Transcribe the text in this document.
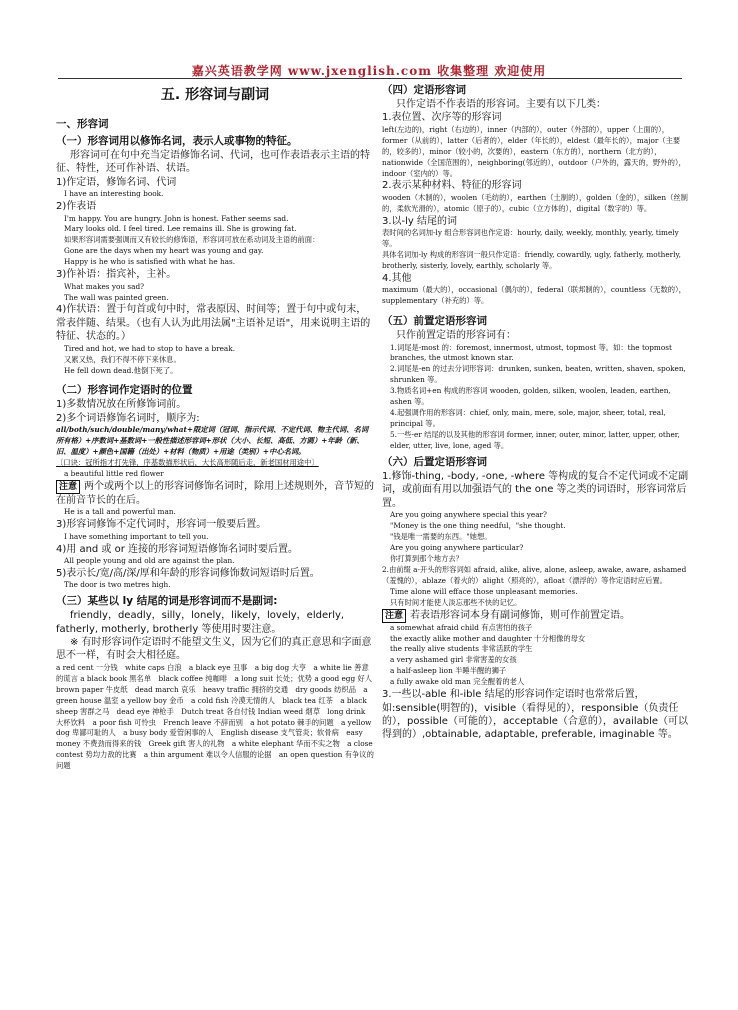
嘉兴英语教学网 www.jxenglish.com 收集整理 欢迎使用
五. 形容词与副词
一、形容词
（一）形容词用以修饰名词，表示人或事物的特征。

形容词可在句中充当定语修饰名词、代词，也可作表语表示主语的特征、特性，还可作补语、状语。

1)作定语，修饰名词、代词

I have an interesting book.

2)作表语

I'm happy. You are hungry. John is honest. Father seems sad.

Mary looks old. I feel tired. Lee remains ill. She is growing fat.

如果形容词需要强调而又有较长的修饰语，形容词可放在系动词及主语的前面：

Gone are the days when my heart was young and gay.

Happy is he who is satisfied with what he has.

3)作补语：指宾补，主补。

What makes you sad?

The wall was painted green.

4)作状语：置于句首或句中时，常表原因、时间等；置于句中或句末，常表伴随、结果。（也有人认为此用法属"主语补足语"，用来说明主语的特征、状态的。）

Tired and hot, we had to stop to have a break.

又累又热，我们不得不停下来休息。

He fell down dead.他倒下死了。

（二）形容词作定语时的位置

1)多数情况放在所修饰词前。

2)多个词语修饰名词时，顺序为:

all/both/such/double/many/what+限定词（冠词、指示代词、不定代词、物主代词、名词所有格）+序数词+基数词+一般性描述形容词+形状（大小、长短、高低、方圆）+年龄（新、旧、温度）+颜色+国籍（出处）+材料（物质）+用途（类别）+中心名词。

〔口诀：冠所指才打先锋，序基数描形状后，大长高形随后走，新老国材用途中〕

a beautiful little red flower

注意 两个或两个以上的形容词修饰名词时，除用上述规则外，音节短的在前音节长的在后。

He is a tall and powerful man.

3)形容词修饰不定代词时，形容词一般要后置。

I have something important to tell you.

4)用 and 或 or 连接的形容词短语修饰名词时要后置。

All people young and old are against the plan.

5)表示长/宽/高/深/厚和年龄的形容词修饰数词短语时后置。

The door is two metres high.

（三）某些以 ly 结尾的词是形容词而不是副词:

friendly，deadly，silly，lonely，likely，lovely，elderly, fatherly, motherly, brotherly 等使用时要注意。

※ 有时形容词作定语时不能望文生义，因为它们的真正意思和字面意思不一样，有时会大相径庭。

a red cent 一分钱　white caps 白浪　a black eye 丑事　a big dog 大亨　a white lie 善意的谎言 a black book 黑名单　black coffee 纯咖啡　a long suit 长处；优势 a good egg 好人　brown paper 牛皮纸　dead march 哀乐　heavy traffic 拥挤的交通　dry goods 纺织品　a green house 温室 a yellow boy 金币　a cold fish 冷漠无情的人　black tea 红茶　a black sheep 害群之马　dead eye 神枪手　Dutch treat 各自付钱 Indian weed 烟草　long drink 大杯饮料　a poor fish 可怜虫　French leave 不辞而别　a hot potato 棘手的问题　a yellow dog 卑鄙可耻的人　a busy body 爱管闲事的人　English disease 支气管炎；软骨病　easy money 不费劲而得来的钱　Greek gift 害人的礼物　a white elephant 华而不实之物　a close contest 势均力敌的比赛　a thin argument 难以令人信服的论据　an open question 有争议的问题

（四）定语形容词

只作定语不作表语的形容词。主要有以下几类：

1.表位置、次序等的形容词

left(左边的)，right（右边的），inner（内部的），outer（外部的），upper（上面的），former（从前的），latter（后者的），elder（年长的），eldest（最年长的），major（主要的，较多的），minor（较小的，次要的），eastern（东方的），northern（北方的），nationwide（全国范围的），neighboring(邻近的），outdoor（户外的，露天的，野外的），indoor（室内的）等。

2.表示某种材料、特征的形容词

wooden（木制的），woolen（毛纺的），earthen（土制的），golden（金的），silken（丝制的，柔软光滑的），atomic（原子的），cubic（立方体的），digital（数字的）等。

3.以-ly 结尾的词

表时间的名词加-ly 组合形容词也作定语：hourly, daily, weekly, monthly, yearly, timely 等。

具体名词加-ly 构成的形容词一般只作定语：friendly, cowardly, ugly, fatherly, motherly, brotherly, sisterly, lovely, earthly, scholarly 等。

4.其他

maximum（最大的），occasional（偶尔的），federal（联邦制的），countless（无数的），supplementary（补充的）等。

（五）前置定语形容词

只作前置定语的形容词有：

1.词尾是-most 的：foremost, innermost, utmost, topmost 等。如：the topmost branches, the utmost known star.

2.词尾是-en 的过去分词形容词：drunken, sunken, beaten, written, shaven, spoken, shrunken 等。

3.物质名词+en 构成的形容词 wooden, golden, silken, woolen, leaden, earthen, ashen 等。

4.起强调作用的形容词：chief, only, main, mere, sole, major, sheer, total, real, principal 等。

5.一些-er 结尾的以及其他的形容词 former, inner, outer, minor, latter, upper, other, elder, utter, live, lone, aged 等。

（六）后置定语形容词

1.修饰-thing, -body, -one, -where 等构成的复合不定代词或不定副词，或前面有用以加强语气的 the one 等之类的词语时，形容词常后置。

Are you going anywhere special this year?

"Money is the one thing needful，"she thought.

"钱是唯一需要的东西。"她想。

Are you going anywhere particular?

你打算到那个地方去？

2.由前缀 a-开头的形容词如 afraid, alike, alive, alone, asleep, awake, aware, ashamed（羞愧的），ablaze（着火的）alight（照亮的），afloat（漂浮的）等作定语时应后置。

Time alone will efface those unpleasant memories.

只有时间才能使人淡忘那些不快的记忆。

注意 若表语形容词本身有副词修饰，则可作前置定语。

a somewhat afraid child 有点害怕的孩子

the exactly alike mother and daughter 十分相像的母女

the really alive students 非常活跃的学生

a very ashamed girl 非常害羞的女孩

a half-asleep lion 半睡半醒的狮子

a fully awake old man 完全醒着的老人

3.一些以-able 和-ible 结尾的形容词作定语时也常常后置，如:sensible(明智的)，visible（看得见的），responsible（负责任的），possible（可能的），acceptable（合意的），available（可以得到的）,obtainable, adaptable, preferable, imaginable 等。
